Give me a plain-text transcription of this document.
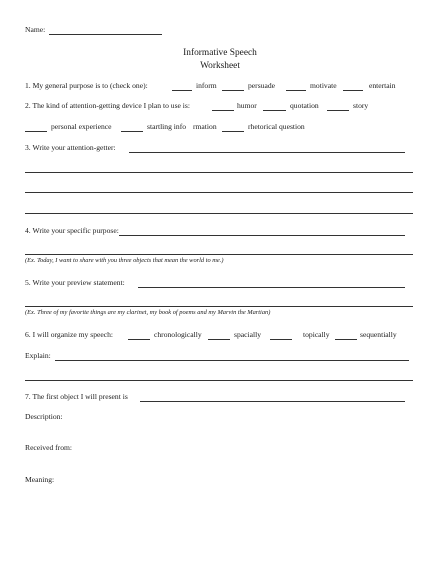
Name:
Informative Speech
Worksheet
1. My general purpose is to (check one):	inform	persuade	motivate	entertain
2. The kind of attention-getting device I plan to use is:	humor	quotation	story
personal experience	startling info rmation	rhetorical question
3. Write your attention-getter:
4. Write your specific purpose:
(Ex. Today, I want to share with you three objects that mean the world to me.)
5. Write your preview statement:
(Ex. Three of my favorite things are my clarinet, my book of poems and my Marvin the Martian)
6. I will organize my speech:	chronologically	spacially	topically	sequentially
Explain:
7. The first object I will present is
Description:
Received from:
Meaning:
